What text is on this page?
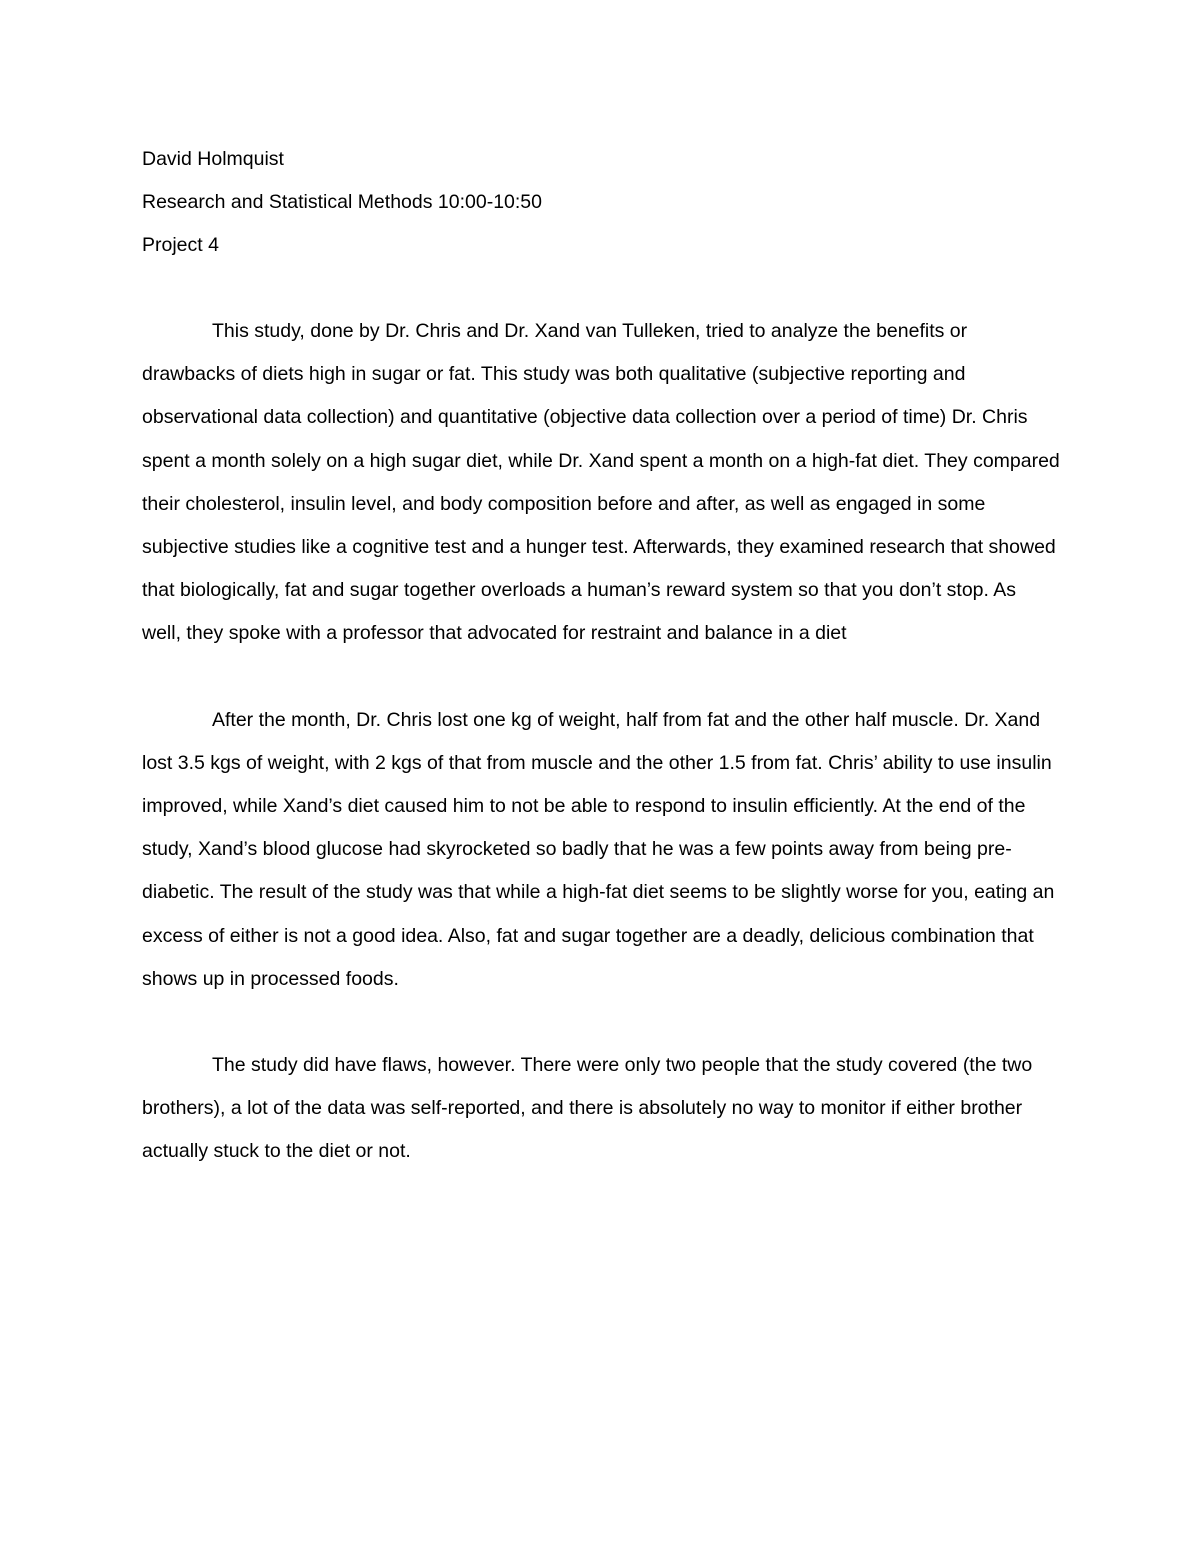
David Holmquist

Research and Statistical Methods 10:00-10:50

Project 4

This study, done by Dr. Chris and Dr. Xand van Tulleken, tried to analyze the benefits or drawbacks of diets high in sugar or fat. This study was both qualitative (subjective reporting and observational data collection) and quantitative (objective data collection over a period of time) Dr. Chris spent a month solely on a high sugar diet, while Dr. Xand spent a month on a high-fat diet. They compared their cholesterol, insulin level, and body composition before and after, as well as engaged in some subjective studies like a cognitive test and a hunger test. Afterwards, they examined research that showed that biologically, fat and sugar together overloads a human’s reward system so that you don’t stop. As well, they spoke with a professor that advocated for restraint and balance in a diet

After the month, Dr. Chris lost one kg of weight, half from fat and the other half muscle. Dr. Xand lost 3.5 kgs of weight, with 2 kgs of that from muscle and the other 1.5 from fat. Chris’ ability to use insulin improved, while Xand’s diet caused him to not be able to respond to insulin efficiently. At the end of the study, Xand’s blood glucose had skyrocketed so badly that he was a few points away from being pre-diabetic. The result of the study was that while a high-fat diet seems to be slightly worse for you, eating an excess of either is not a good idea. Also, fat and sugar together are a deadly, delicious combination that shows up in processed foods.

The study did have flaws, however. There were only two people that the study covered (the two brothers), a lot of the data was self-reported, and there is absolutely no way to monitor if either brother actually stuck to the diet or not.
